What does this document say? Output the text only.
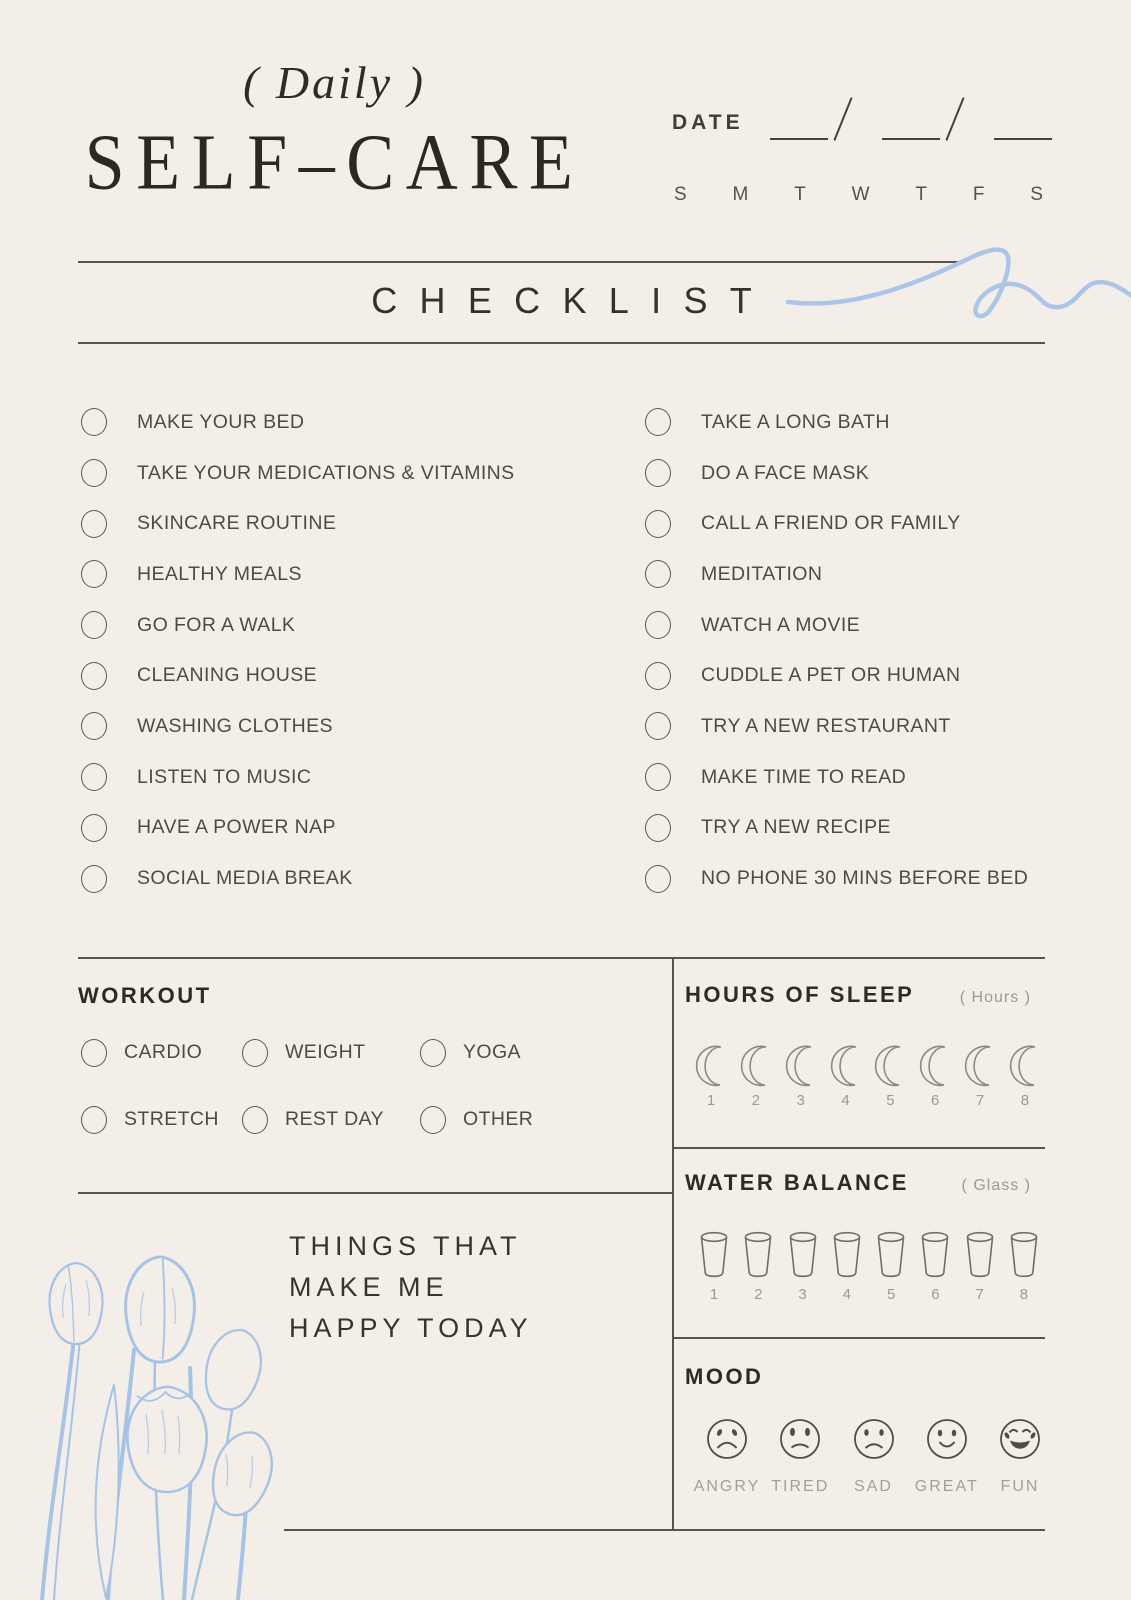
( Daily )
SELF–CARE	DATE
S M T W T F S
CHECKLIST
MAKE YOUR BED
TAKE YOUR MEDICATIONS & VITAMINS
SKINCARE ROUTINE
HEALTHY MEALS
GO FOR A WALK
CLEANING HOUSE
WASHING CLOTHES
LISTEN TO MUSIC
HAVE A POWER NAP
SOCIAL MEDIA BREAK
TAKE A LONG BATH
DO A FACE MASK
CALL A FRIEND OR FAMILY
MEDITATION
WATCH A MOVIE
CUDDLE A PET OR HUMAN
TRY A NEW RESTAURANT
MAKE TIME TO READ
TRY A NEW RECIPE
NO PHONE 30 MINS BEFORE BED
WORKOUT
CARDIO	WEIGHT	YOGA
STRETCH	REST DAY	OTHER
HOURS OF SLEEP	( Hours )
1	2	3	4	5	6	7	8
WATER BALANCE	( Glass )
1	2	3	4	5	6	7	8
MOOD
ANGRY TIRED SAD GREAT FUN
THINGS THAT
MAKE ME
HAPPY TODAY
